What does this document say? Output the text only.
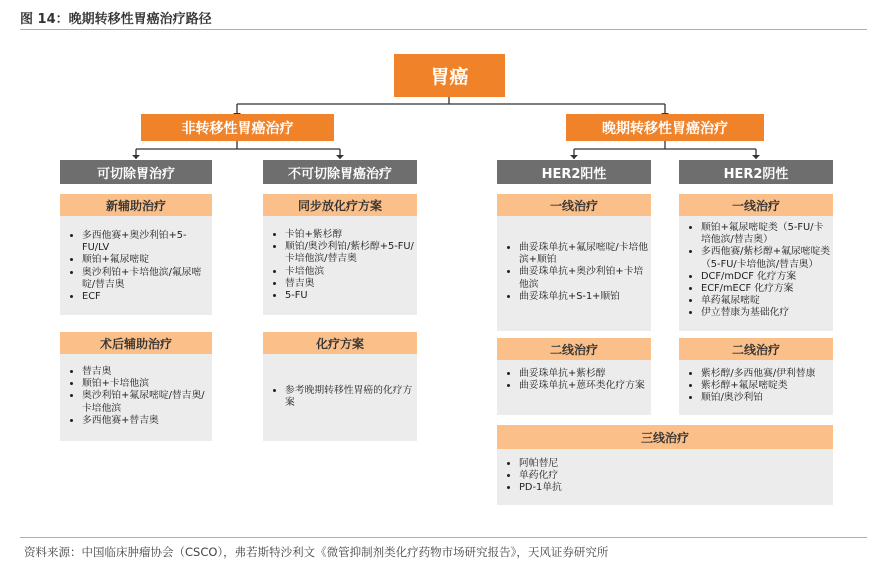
图 14：晚期转移性胃癌治疗路径
胃癌
非转移性胃癌治疗	晚期转移性胃癌治疗
可切除胃治疗	不可切除胃癌治疗	HER2阳性	HER2阴性
新辅助治疗
• 多西他赛+奥沙利铂+5-FU/LV
• 顺铂+氟尿嘧啶
• 奥沙利铂+卡培他滨/氟尿嘧啶/替吉奥
• ECF
术后辅助治疗
• 替吉奥
• 顺铂+卡培他滨
• 奥沙利铂+氟尿嘧啶/替吉奥/卡培他滨
• 多西他赛+替吉奥
同步放化疗方案
• 卡铂+紫杉醇
• 顺铂/奥沙利铂/紫杉醇+5-FU/卡培他滨/替吉奥
• 卡培他滨
• 替吉奥
• 5-FU
化疗方案
• 参考晚期转移性胃癌的化疗方案
一线治疗
• 曲妥珠单抗+氟尿嘧啶/卡培他滨+顺铂
• 曲妥珠单抗+奥沙利铂+卡培他滨
• 曲妥珠单抗+S-1+顺铂
二线治疗
• 曲妥珠单抗+紫杉醇
• 曲妥珠单抗+蒽环类化疗方案
一线治疗
• 顺铂+氟尿嘧啶类（5-FU/卡培他滨/替吉奥）
• 多西他赛/紫杉醇+氟尿嘧啶类（5-FU/卡培他滨/替吉奥）
• DCF/mDCF 化疗方案
• ECF/mECF 化疗方案
• 单药氟尿嘧啶
• 伊立替康为基础化疗
二线治疗
• 紫杉醇/多西他赛/伊利替康
• 紫杉醇+氟尿嘧啶类
• 顺铂/奥沙利铂
三线治疗
• 阿帕替尼
• 单药化疗
• PD-1单抗
资料来源：中国临床肿瘤协会（CSCO），弗若斯特沙利文《微管抑制剂类化疗药物市场研究报告》，天风证券研究所
